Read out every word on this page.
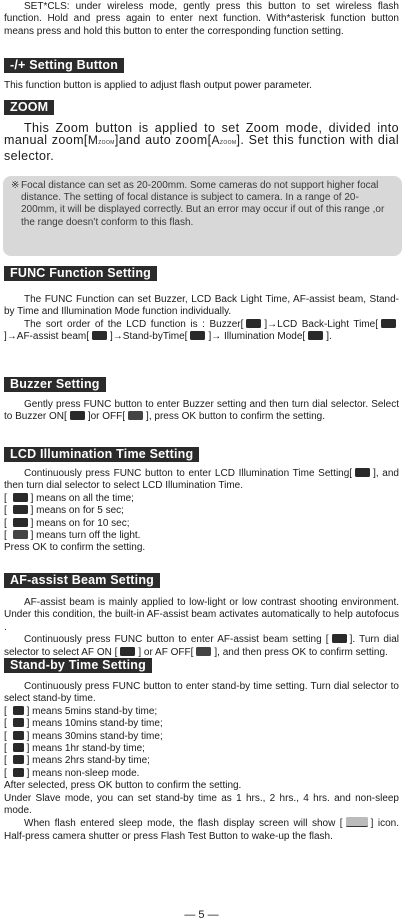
SET*CLS: under wireless mode, gently press this button to set wireless flash function. Hold and press again to enter next function. With*asterisk function button means press and hold this button to enter the corresponding function setting.

-/+ Setting Button

This function button is applied to adjust flash output power parameter.

ZOOM

This Zoom button is applied to set Zoom mode, divided into manual zoom[MZOOM]and auto zoom[AZOOM]. Set this function with dial selector.

※ Focal distance can set as 20-200mm. Some cameras do not support higher focal distance. The setting of focal distance is subject to camera. In a range of 20-200mm, it will be displayed correctly. But an error may occur if out of this range ,or the range doesn’t conform to this flash.
FUNC Function Setting

The FUNC Function can set Buzzer, LCD Back Light Time, AF-assist beam, Stand-by Time and Illumination Mode function individually.

The sort order of the LCD function is : Buzzer[ ]→LCD Back-Light Time[]→AF-assist beam[ ]→Stand-byTime[ ]→ Illumination Mode[ ].

Buzzer Setting

Gently press FUNC button to enter Buzzer setting and then turn dial selector. Select to Buzzer ON[ ]or OFF[ ], press OK button to confirm the setting.

LCD Illumination Time Setting

Continuously press FUNC button to enter LCD Illumination Time Setting[ ], and then turn dial selector to select LCD Illumination Time.

[ ] means on all the time;
[ ] means on for 5 sec;
[ ] means on for 10 sec;
[ ] means turn off the light.

Press OK to confirm the setting.

AF-assist Beam Setting

AF-assist beam is mainly applied to low-light or low contrast shooting environment. Under this condition, the built-in AF-assist beam activates automatically to help autofocus .

Continuously press FUNC button to enter AF-assist beam setting [ ]. Turn dial selector to select AF ON [ ] or AF OFF[ ], and then press OK to confirm setting.

Stand-by Time Setting

Continuously press FUNC button to enter stand-by time setting. Turn dial selector to select stand-by time.

[ ] means 5mins stand-by time;
[ ] means 10mins stand-by time;
[ ] means 30mins stand-by time;
[ ] means 1hr stand-by time;
[ ] means 2hrs stand-by time;
[ ] means non-sleep mode.

After selected, press OK button to confirm the setting.

Under Slave mode, you can set stand-by time as 1 hrs., 2 hrs., 4 hrs. and non-sleep mode.

When flash entered sleep mode, the flash display screen will show [	] icon. Half-press camera shutter or press Flash Test Button to wake-up the flash.

— 5 —
